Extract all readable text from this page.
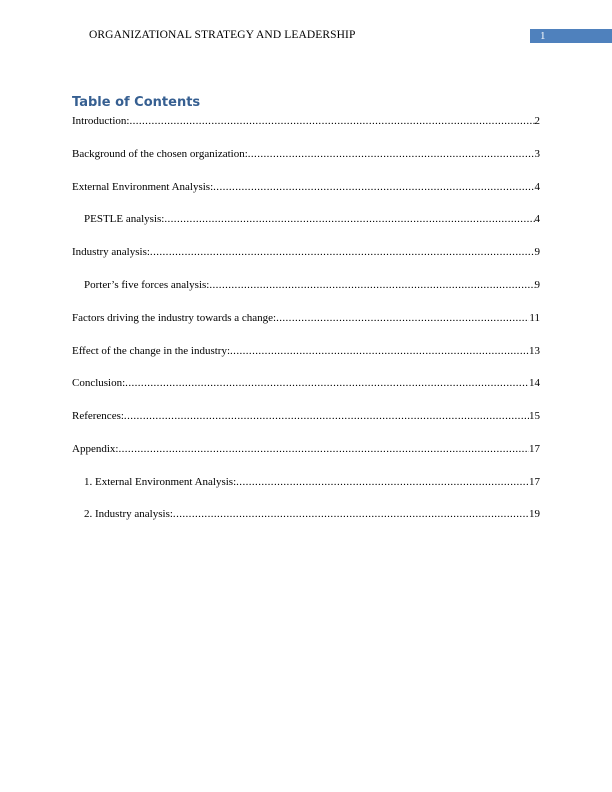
ORGANIZATIONAL STRATEGY AND LEADERSHIP	1
Table of Contents
Introduction: .....	2
Background of the chosen organization: .....	3
External Environment Analysis: .....	4
PESTLE analysis: .....	4
Industry analysis: .....	9
Porter’s five forces analysis: .....	9
Factors driving the industry towards a change: .....	11
Effect of the change in the industry: .....	13
Conclusion: .....	14
References: .....	15
Appendix: .....	17
1. External Environment Analysis: .....	17
2. Industry analysis: .....	19
